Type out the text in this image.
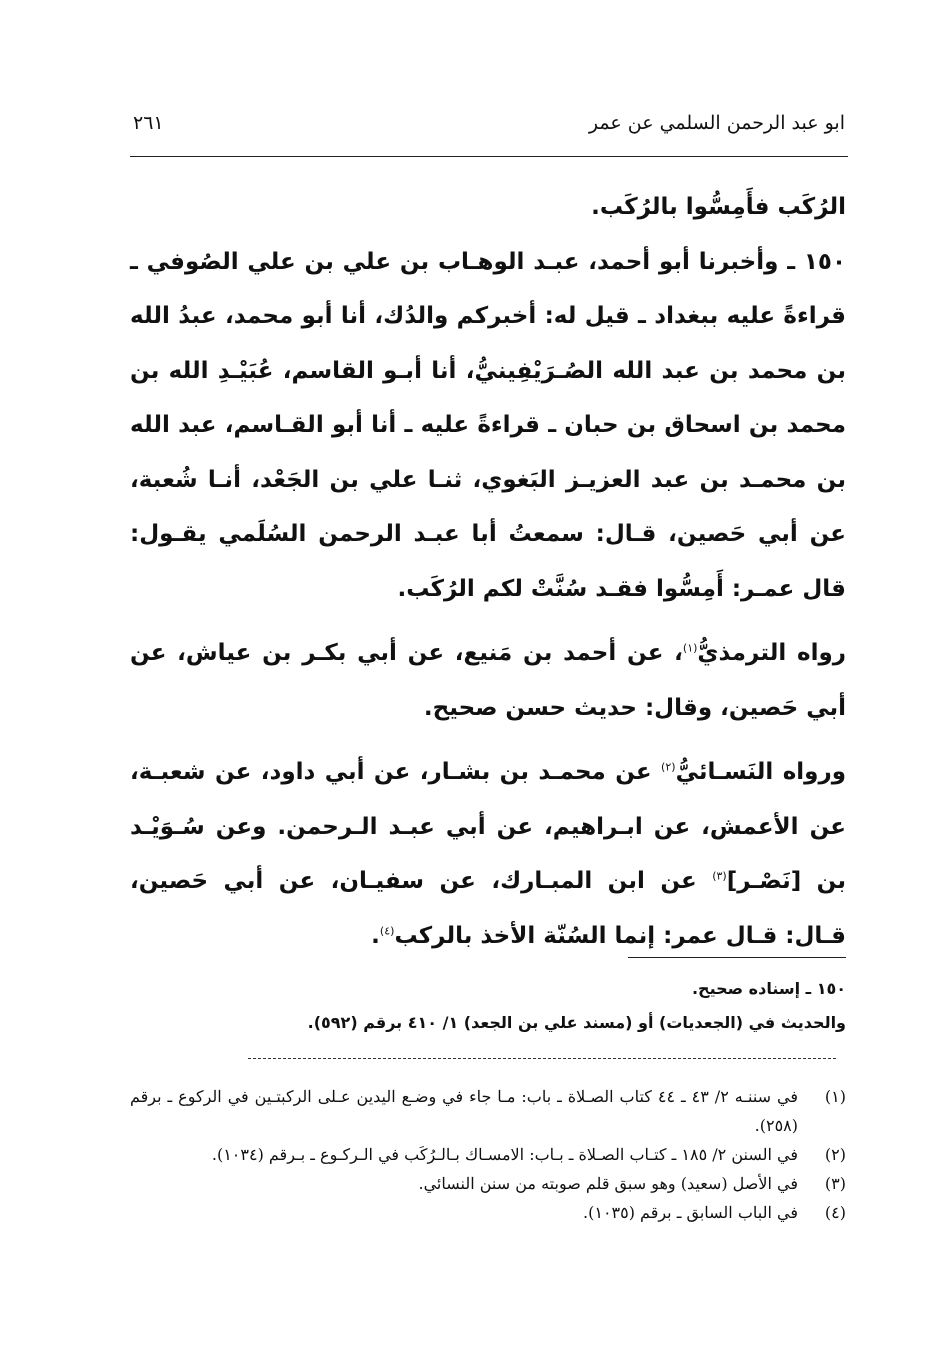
ابو عبد الرحمن السلمي عن عمر
٢٦١

الرُكَب فأَمِسُّوا بالرُكَب.

١٥٠ ـ وأخبرنا أبو أحمد، عبـد الوهـاب بن علي بن علي الصُوفي ـ قراءةً عليه ببغداد ـ قيل له: أخبركم والدُك، أنا أبو محمد، عبدُ الله بن محمد بن عبد الله الصُـرَيْفِينيُّ، أنا أبـو القاسم، عُبَيْـدِ الله بن محمد بن اسحاق بن حبان ـ قراءةً عليه ـ أنا أبو القـاسم، عبد الله بن محمـد بن عبد العزيـز البَغوي، ثنـا علي بن الجَعْد، أنـا شُعبة، عن أبي حَصين، قـال: سمعتُ أبا عبـد الرحمن السُلَمي يقـول: قال عمـر: أَمِسُّوا فقـد سُنَّتْ لكم الرُكَب.

رواه الترمذيُّ$^{(١)}$، عن أحمد بن مَنيع، عن أبي بكـر بن عياش، عن أبي حَصين، وقال: حديث حسن صحيح.

ورواه النَسـائيُّ$^{(٢)}$ عن محمـد بن بشـار، عن أبي داود، عن شعبـة، عن الأعمش، عن ابـراهيم، عن أبي عبـد الـرحمن. وعن سُـوَيْـد بن [نَصْـر]$^{(٣)}$ عن ابن المبـارك، عن سفيـان، عن أبي حَصين، قـال: قـال عمر: إنما السُنّة الأخذ بالركب$^{(٤)}$.

١٥٠ ـ إسناده صحيح.

والحديث في (الجعديات) أو (مسند علي بن الجعد) ١/ ٤١٠ برقم (٥٩٢).

(١)
في سننـه ٢/ ٤٣ ـ ٤٤ كتاب الصـلاة ـ باب: مـا جاء في وضـع اليدين عـلى الركبتـين في الركوع ـ برقم (٢٥٨).
(٢)
في السنن ٢/ ١٨٥ ـ كتـاب الصـلاة ـ بـاب: الامسـاك بـالـرُكَب في الـركـوع ـ بـرقم (١٠٣٤).
(٣)
في الأصل (سعيد) وهو سبق قلم صوبته من سنن النسائي.
(٤)
في الباب السابق ـ برقم (١٠٣٥).
